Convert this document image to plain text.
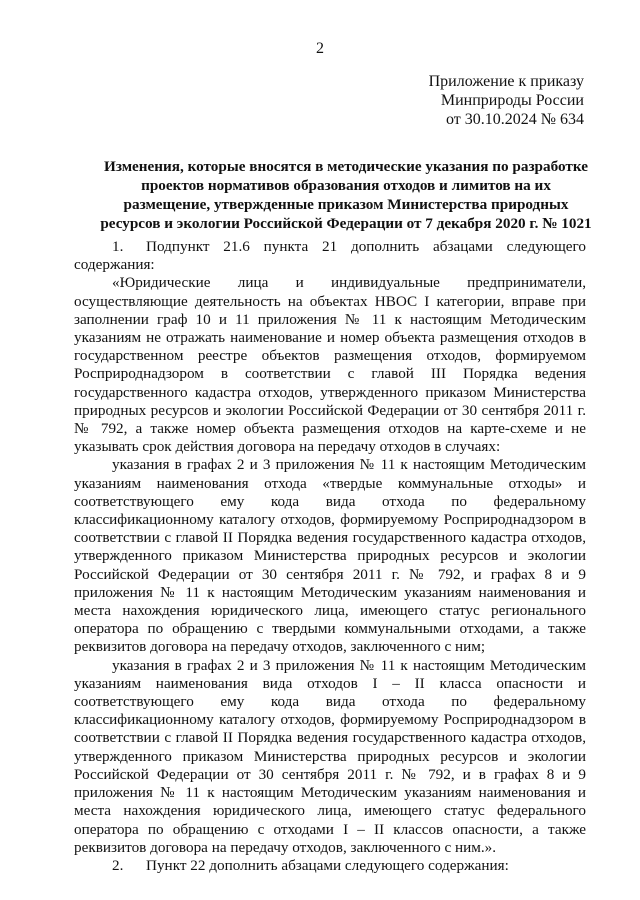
2
Приложение к приказу
Минприроды России
от 30.10.2024 № 634
Изменения, которые вносятся в методические указания по разработке проектов нормативов образования отходов и лимитов на их размещение, утвержденные приказом Министерства природных ресурсов и экологии Российской Федерации от 7 декабря 2020 г. № 1021

1. Подпункт 21.6 пункта 21 дополнить абзацами следующего содержания:

«Юридические лица и индивидуальные предприниматели, осуществляющие деятельность на объектах НВОС I категории, вправе при заполнении граф 10 и 11 приложения № 11 к настоящим Методическим указаниям не отражать наименование и номер объекта размещения отходов в государственном реестре объектов размещения отходов, формируемом Росприроднадзором в соответствии с главой III Порядка ведения государственного кадастра отходов, утвержденного приказом Министерства природных ресурсов и экологии Российской Федерации от 30 сентября 2011 г. № 792, а также номер объекта размещения отходов на карте-схеме и не указывать срок действия договора на передачу отходов в случаях:

указания в графах 2 и 3 приложения № 11 к настоящим Методическим указаниям наименования отхода «твердые коммунальные отходы» и соответствующего ему кода вида отхода по федеральному классификационному каталогу отходов, формируемому Росприроднадзором в соответствии с главой II Порядка ведения государственного кадастра отходов, утвержденного приказом Министерства природных ресурсов и экологии Российской Федерации от 30 сентября 2011 г. № 792, и графах 8 и 9 приложения № 11 к настоящим Методическим указаниям наименования и места нахождения юридического лица, имеющего статус регионального оператора по обращению с твердыми коммунальными отходами, а также реквизитов договора на передачу отходов, заключенного с ним;

указания в графах 2 и 3 приложения № 11 к настоящим Методическим указаниям наименования вида отходов I – II класса опасности и соответствующего ему кода вида отхода по федеральному классификационному каталогу отходов, формируемому Росприроднадзором в соответствии с главой II Порядка ведения государственного кадастра отходов, утвержденного приказом Министерства природных ресурсов и экологии Российской Федерации от 30 сентября 2011 г. № 792, и в графах 8 и 9 приложения № 11 к настоящим Методическим указаниям наименования и места нахождения юридического лица, имеющего статус федерального оператора по обращению с отходами I – II классов опасности, а также реквизитов договора на передачу отходов, заключенного с ним.».

2. Пункт 22 дополнить абзацами следующего содержания:
